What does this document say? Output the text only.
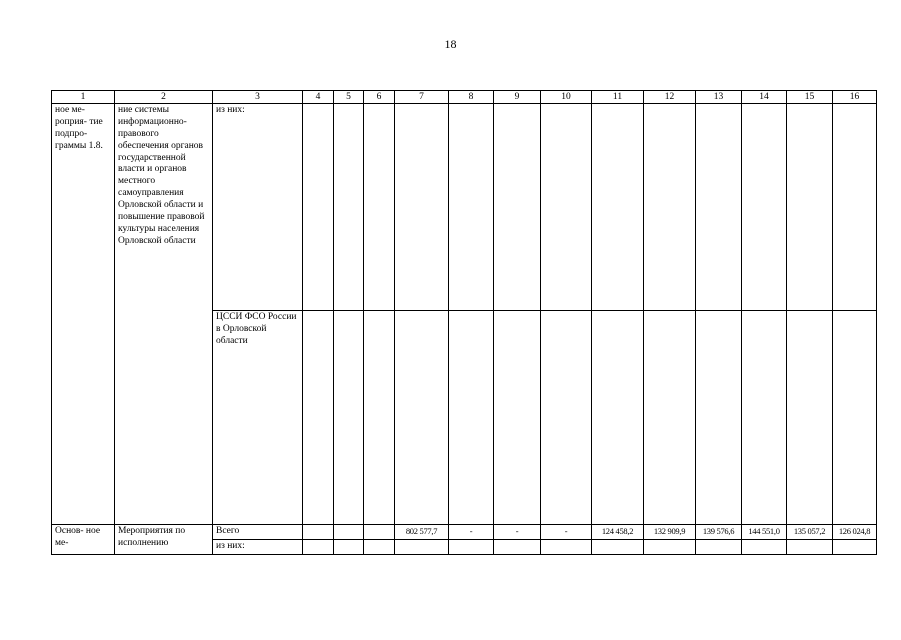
18
1	2	3	4	5	6	7	8	9	10	11	12	13	14	15	16
ное ме- роприя- тие подпро- граммы 1.8.	ние системы информационно- правового обеспечения органов государственной власти и органов местного самоуправления Орловской области и повышение правовой культуры населения Орловской области	из них:													
		ЦССИ ФСО России в Орловской области													
Основ- ное ме-	Мероприятия по исполнению	Всего				802 577,7	-	-	-	124 458,2	132 909,9	139 576,6	144 551,0	135 057,2	126 024,8
		из них:													
